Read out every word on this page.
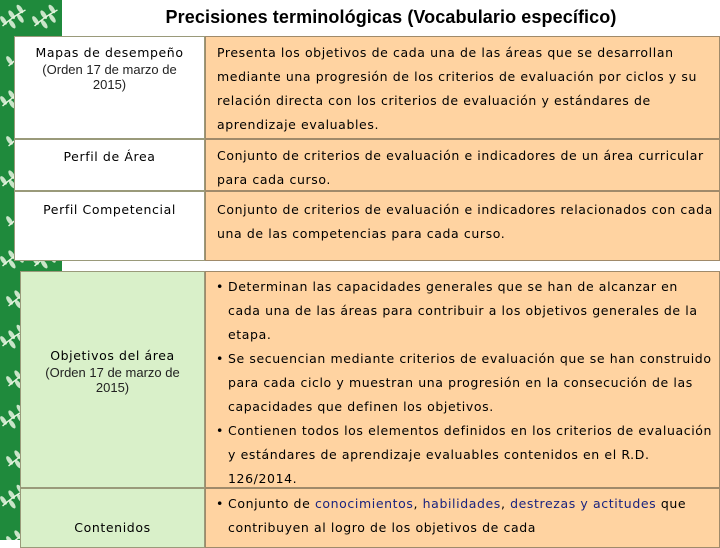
Precisiones terminológicas (Vocabulario específico)
Mapas de desempeño
(Orden 17 de marzo de 2015)
Presenta los objetivos de cada una de las áreas que se desarrollan mediante una progresión de los criterios de evaluación por ciclos y su relación directa con los criterios de evaluación y estándares de aprendizaje evaluables.
Perfil de Área	Conjunto de criterios de evaluación e indicadores de un área curricular para cada curso.
Perfil Competencial	Conjunto de criterios de evaluación e indicadores relacionados con cada una de las competencias para cada curso.
Objetivos del área
(Orden 17 de marzo de 2015)
• Determinan las capacidades generales que se han de alcanzar en cada una de las áreas para contribuir a los objetivos generales de la etapa.
• Se secuencian mediante criterios de evaluación que se han construido para cada ciclo y muestran una progresión en la consecución de las capacidades que definen los objetivos.
• Contienen todos los elementos definidos en los criterios de evaluación y estándares de aprendizaje evaluables contenidos en el R.D. 126/2014.
Contenidos
• Conjunto de conocimientos, habilidades, destrezas y actitudes que contribuyen al logro de los objetivos de cada
